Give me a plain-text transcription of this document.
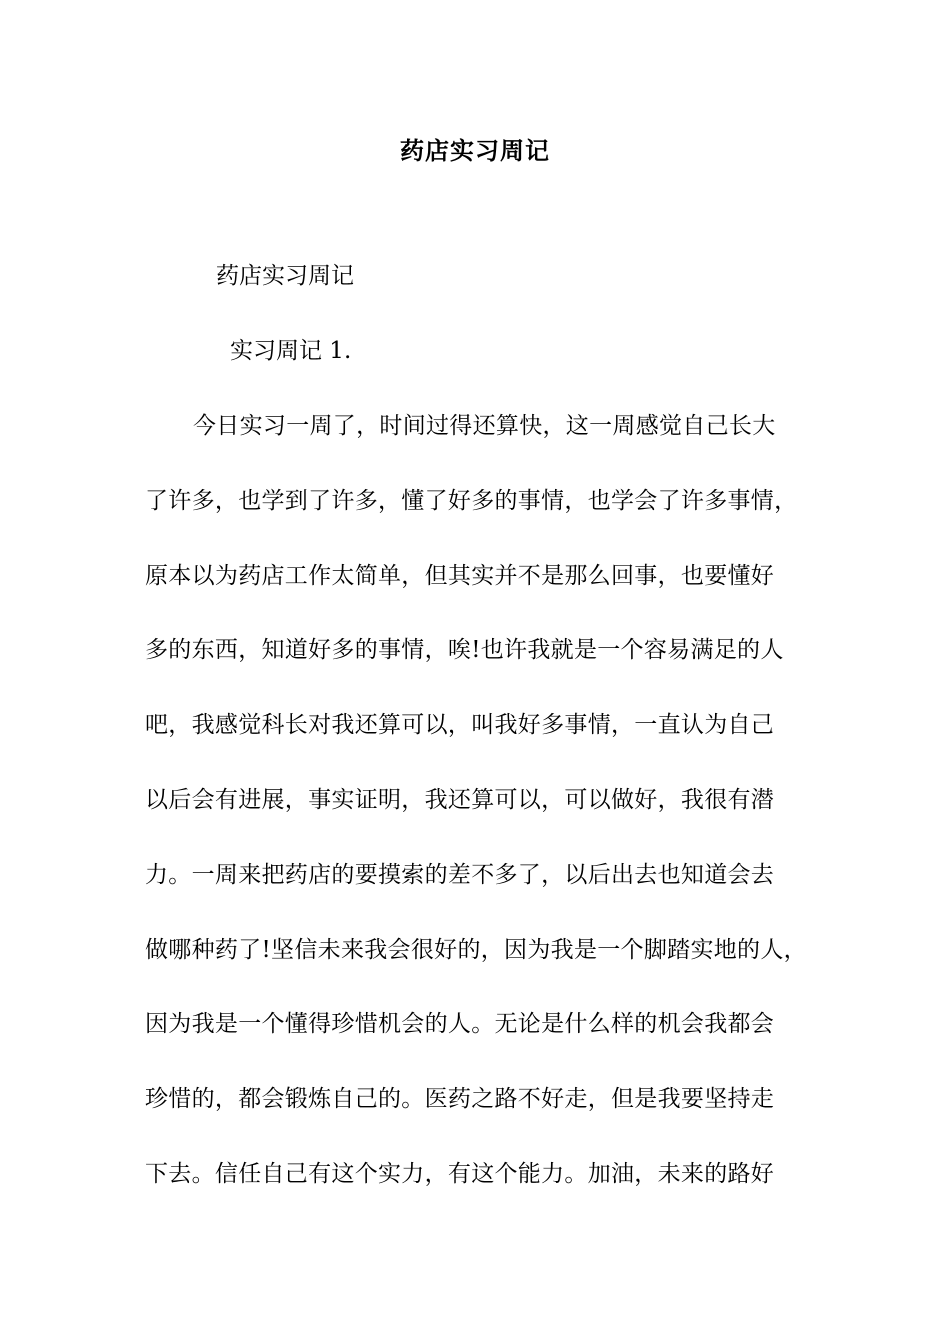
药店实习周记
药店实习周记
实习周记 1.
今日实习一周了，时间过得还算快，这一周感觉自己长大
了许多，也学到了许多，懂了好多的事情，也学会了许多事情，
原本以为药店工作太简单，但其实并不是那么回事，也要懂好
多的东西，知道好多的事情，唉!也许我就是一个容易满足的人
吧，我感觉科长对我还算可以，叫我好多事情，一直认为自己
以后会有进展，事实证明，我还算可以，可以做好，我很有潜
力。一周来把药店的要摸索的差不多了，以后出去也知道会去
做哪种药了!坚信未来我会很好的，因为我是一个脚踏实地的人，
因为我是一个懂得珍惜机会的人。无论是什么样的机会我都会
珍惜的，都会锻炼自己的。医药之路不好走，但是我要坚持走
下去。信任自己有这个实力，有这个能力。加油，未来的路好
